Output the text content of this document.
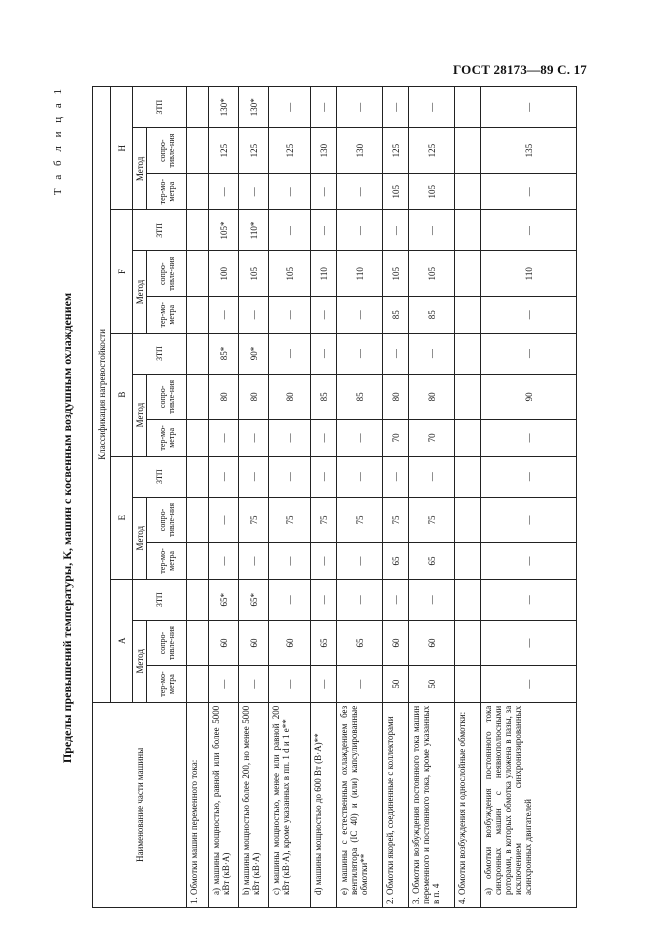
ГОСТ 28173—89 С. 17
Т а б л и ц а 1
Пределы превышений температуры, К, машин с косвенным воздушным охлаждением
Наименование части машины	Классификация нагревостойкости														
	A			E			B			F			H		
	Метод		ЗТП	Метод		ЗТП	Метод		ЗТП	Метод		ЗТП	Метод		ЗТП
	тер-мо-метра	сопро-тивле-ния		тер-мо-метра	сопро-тивле-ния		тер-мо-метра	сопро-тивле-ния		тер-мо-метра	сопро-тивле-ния		тер-мо-метра	сопро-тивле-ния	
1. Обмотки машин переменного тока:															
а) машины мощностью, равной или более 5000 кВт (кВ·А)	—	60	65*	—	—	—	—	80	85*	—	100	105*	—	125	130*
b) машины мощностью более 200, но менее 5000 кВт (кВ·А)	—	60	65*	—	75	—	—	80	90*	—	105	110*	—	125	130*
с) машины мощностью, менее или равной 200 кВт (кВ·А), кроме указанных в пп. 1 d и 1 е**	—	60	—	—	75	—	—	80	—	—	105	—	—	125	—
d) машины мощностью до 600 Вт (В·А)**	—	65	—	—	75	—	—	85	—	—	110	—	—	130	—
е) машины с естественным охлаждением без вентилятора (IC 40) и (или) капсулированные обмотки**	—	65	—	—	75	—	—	85	—	—	110	—	—	130	—
2. Обмотки якорей, соединенные с коллекторами	50	60	—	65	75	—	70	80	—	85	105	—	105	125	—
3. Обмотки возбуждения постоянного тока машин переменного и постоянного тока, кроме указанных в п. 4	50	60	—	65	75	—	70	80	—	85	105	—	105	125	—
4. Обмотки возбуждения и однослойные обмотки:															
а) обмотки возбуждения постоянного тока синхронных машин с неявнополюсными роторами, в которых обмотка уложена в пазы, за исключением синхронизированных асинхронных двигателей	—	—	—	—	—	—	—	90	—	—	110	—	—	135	—
